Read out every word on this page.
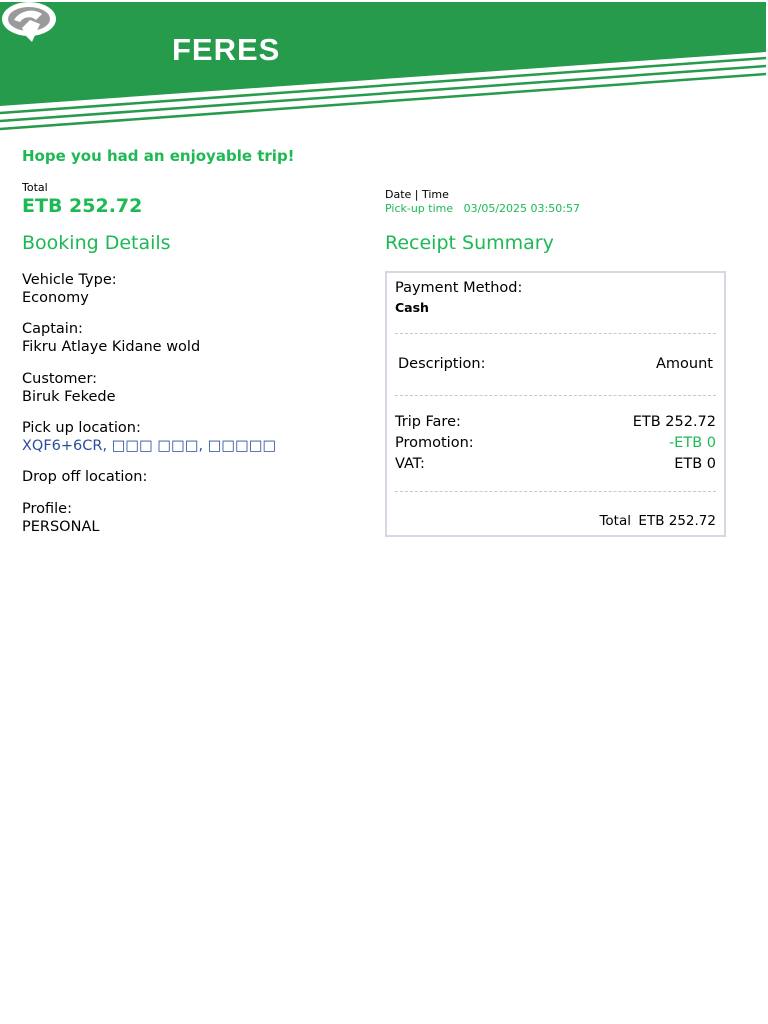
FERES
Hope you had an enjoyable trip!
Total
ETB 252.72
Date | Time
Pick-up time 03/05/2025 03:50:57
Booking Details	Receipt Summary
Vehicle Type:
Economy
Captain:
Fikru Atlaye Kidane wold
Customer:
Biruk Fekede
Pick up location:
XQF6+6CR, □□□ □□□, □□□□□
Drop off location:
Profile:
PERSONAL
Payment Method:
Cash
Description:	Amount
Trip Fare:	ETB 252.72
Promotion:	-ETB 0
VAT:	ETB 0
Total ETB 252.72
